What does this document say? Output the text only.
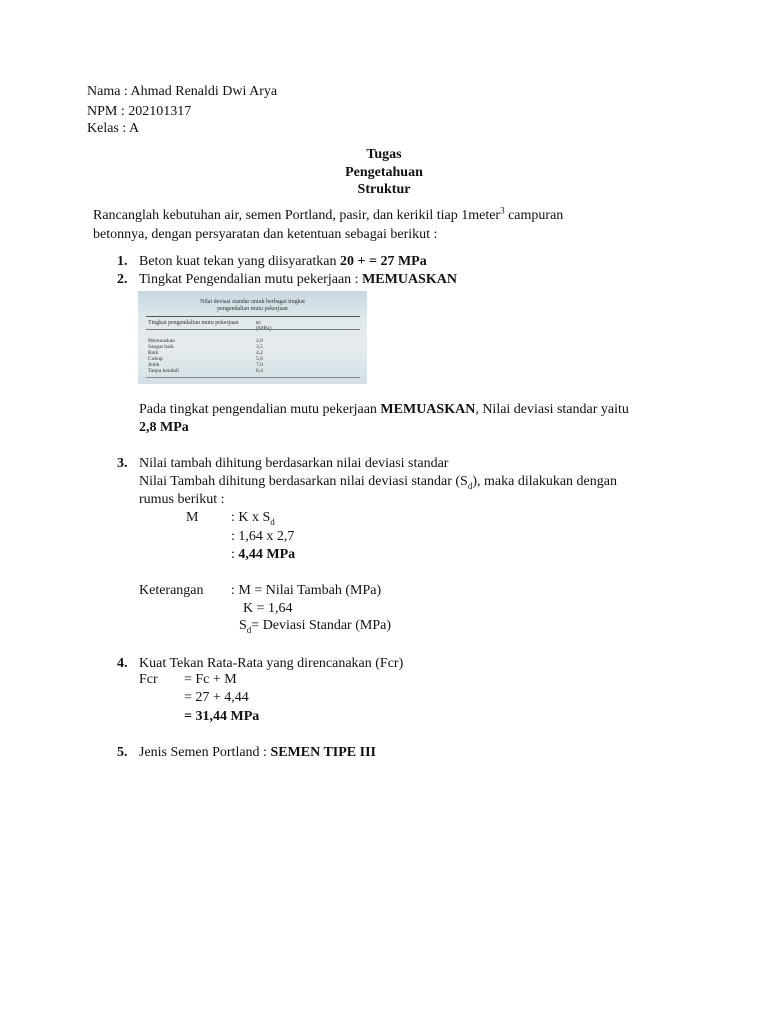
Nama : Ahmad Renaldi Dwi Arya
NPM : 202101317
Kelas : A
Tugas
Pengetahuan
Struktur
Rancanglah kebutuhan air, semen Portland, pasir, dan kerikil tiap 1meter$^3$ campuran
betonnya, dengan persyaratan dan ketentuan sebagai berikut :
1. Beton kuat tekan yang diisyaratkan 20 + = 27 MPa
2. Tingkat Pengendalian mutu pekerjaan : MEMUASKAN
Nilai deviasi standar untuk berbagai tingkat
pengendalian mutu pekerjaan
Tingkat pengendalian mutu pekerjaan	sc
Memuaskan	2,8
Sangat baik	3,5
Baik	4,2
Cukup	5,6
Jelek	7,0
Tanpa kendali	8,4
Pada tingkat pengendalian mutu pekerjaan MEMUASKAN, Nilai deviasi standar yaitu
2,8 MPa
3. Nilai tambah dihitung berdasarkan nilai deviasi standar
Nilai Tambah dihitung berdasarkan nilai deviasi standar $(S_d)$, maka dilakukan dengan
rumus berikut :
M : K x $S_d$
: 1,64 x 2,7
: 4,44 MPa
Keterangan : M = Nilai Tambah (MPa)
K = 1,64
$S_d=$ Deviasi Standar (MPa)
4. Kuat Tekan Rata-Rata yang direncanakan (Fcr)
Fcr = Fc + M
= 27 + 4,44
= 31,44 MPa
5. Jenis Semen Portland : SEMEN TIPE III
